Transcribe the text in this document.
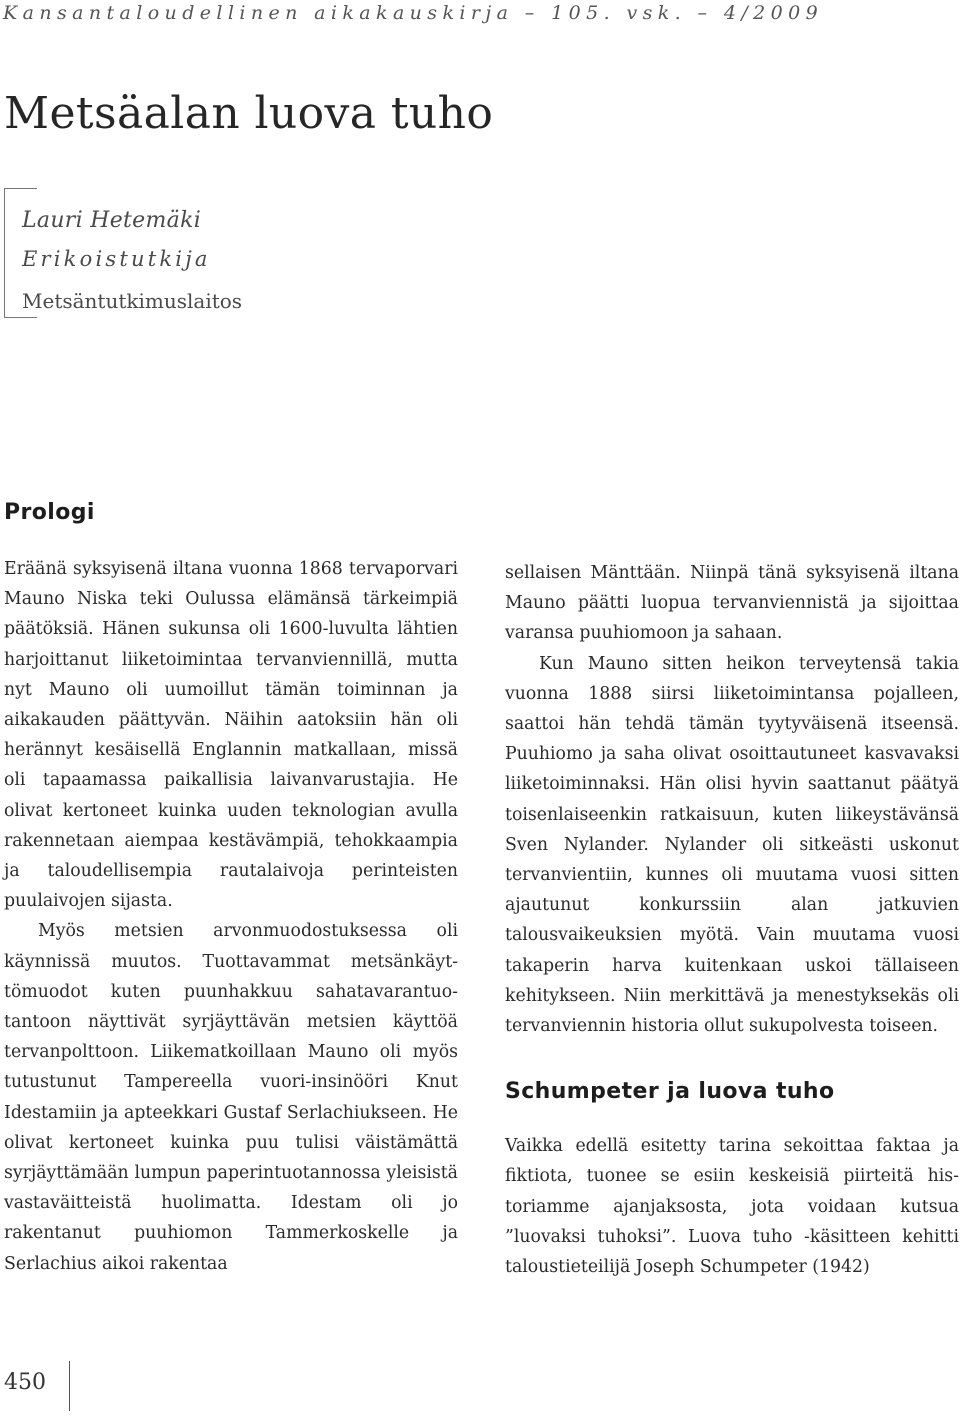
Kansantaloudellinen aikakauskirja – 105. vsk. – 4/2009
Metsäalan luova tuho
Lauri Hetemäki
Erikoistutkija
Metsäntutkimuslaitos
Prologi

Eräänä syksyisenä iltana vuonna 1868 tervaporvari Mauno Niska teki Oulussa elämänsä tärkeimpiä päätöksiä. Hänen sukunsa oli 1600-luvulta lähtien harjoittanut liiketoimintaa tervanviennillä, mutta nyt Mauno oli uumoillut tämän toiminnan ja aikakauden päättyvän. Näihin aatoksiin hän oli herännyt kesäisellä Englannin matkallaan, missä oli tapaamassa paikallisia laivanvarustajia. He olivat kertoneet kuinka uuden teknologian avulla rakennetaan aiempaa kestävämpiä, tehokkaampia ja taloudellisempia rautalaivoja perinteisten puulaivojen sijasta.

Myös metsien arvonmuodostuksessa oli käynnissä muutos. Tuottavammat metsänkäyttömuodot kuten puunhakkuu sahatavarantuotantoon näyttivät syrjäyttävän metsien käyttöä tervanpolttoon. Liikematkoillaan Mauno oli myös tutustunut Tampereella vuori-insinööri Knut Idestamiin ja apteekkari Gustaf Serlachiukseen. He olivat kertoneet kuinka puu tulisi väistämättä syrjäyttämään lumpun paperintuotannossa yleisistä vastaväitteistä huolimatta. Idestam oli jo rakentanut puuhiomon Tammerkoskelle ja Serlachius aikoi rakentaa

sellaisen Mänttään. Niinpä tänä syksyisenä iltana Mauno päätti luopua tervanviennistä ja sijoittaa varansa puuhiomoon ja sahaan.

Kun Mauno sitten heikon terveytensä takia vuonna 1888 siirsi liiketoimintansa pojalleen, saattoi hän tehdä tämän tyytyväisenä itseensä. Puuhiomo ja saha olivat osoittautuneet kasvavaksi liiketoiminnaksi. Hän olisi hyvin saattanut päätyä toisenlaiseenkin ratkaisuun, kuten liikeystävänsä Sven Nylander. Nylander oli sitkeästi uskonut tervanvientiin, kunnes oli muutama vuosi sitten ajautunut konkurssiin alan jatkuvien talousvaikeuksien myötä. Vain muutama vuosi takaperin harva kuitenkaan uskoi tällaiseen kehitykseen. Niin merkittävä ja menestyksekäs oli tervanviennin historia ollut sukupolvesta toiseen.

Schumpeter ja luova tuho

Vaikka edellä esitetty tarina sekoittaa faktaa ja fiktiota, tuonee se esiin keskeisiä piirteitä historiamme ajanjaksosta, jota voidaan kutsua ”luovaksi tuhoksi”. Luova tuho -käsitteen kehitti taloustieteilijä Joseph Schumpeter (1942)

450
